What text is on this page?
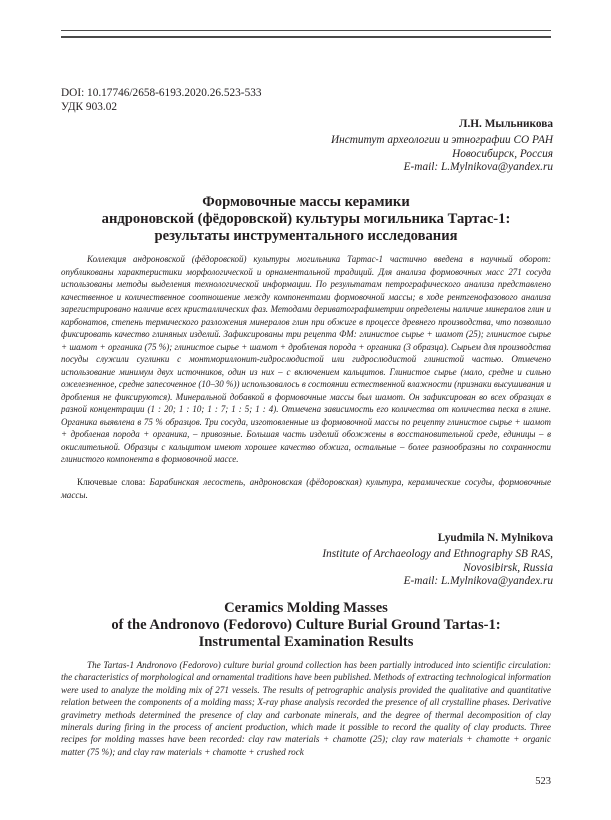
DOI: 10.17746/2658-6193.2020.26.523-533
УДК 903.02
Л.Н. Мыльникова
Институт археологии и этнографии СО РАН
Новосибирск, Россия
E-mail: L.Mylnikova@yandex.ru
Формовочные массы керамики
андроновской (фёдоровской) культуры могильника Тартас-1:
результаты инструментального исследования
Коллекция андроновской (фёдоровской) культуры могильника Тартас-1 частично введена в научный оборот: опубликованы характеристики морфологической и орнаментальной традиций. Для анализа формовочных масс 271 сосуда использованы методы выделения технологической информации. По результатам петрографического анализа представлено качественное и количественное соотношение между компонентами формовочной массы; в ходе рентгенофазового анализа зарегистрировано наличие всех кристаллических фаз. Методами дериватографиметрии определены наличие минералов глин и карбонатов, степень термического разложения минералов глин при обжиге в процессе древнего производства, что позволило фиксировать качество глиняных изделий. Зафиксированы три рецепта ФМ: глинистое сырье + шамот (25); глинистое сырье + шамот + органика (75 %); глинистое сырье + шамот + дробленая порода + органика (3 образца). Сырьем для производства посуды служили суглинки с монтмориллонит-гидрослюдистой или гидрослюдистой глинистой частью. Отмечено использование минимум двух источников, один из них – с включением кальцитов. Глинистое сырье (мало, средне и сильно ожелезненное, средне запесоченное (10–30 %)) использовалось в состоянии естественной влажности (признаки высушивания и дробления не фиксируются). Минеральной добавкой в формовочные массы был шамот. Он зафиксирован во всех образцах в разной концентрации (1 : 20; 1 : 10; 1 : 7; 1 : 5; 1 : 4). Отмечена зависимость его количества от количества песка в глине. Органика выявлена в 75 % образцов. Три сосуда, изготовленные из формовочной массы по рецепту глинистое сырье + шамот + дробленая порода + органика, – привозные. Большая часть изделий обожжены в восстановительной среде, единицы – в окислительной. Образцы с кальцитом имеют хорошее качество обжига, остальные – более разнообразны по сохранности глинистого компонента в формовочной массе.
Ключевые слова: Барабинская лесостепь, андроновская (фёдоровская) культура, керамические сосуды, формовочные массы.
Lyudmila N. Mylnikova
Institute of Archaeology and Ethnography SB RAS,
Novosibirsk, Russia
E-mail: L.Mylnikova@yandex.ru
Ceramics Molding Masses
of the Andronovo (Fedorovo) Culture Burial Ground Tartas-1:
Instrumental Examination Results
The Tartas-1 Andronovo (Fedorovo) culture burial ground collection has been partially introduced into scientific circulation: the characteristics of morphological and ornamental traditions have been published. Methods of extracting technological information were used to analyze the molding mix of 271 vessels. The results of petrographic analysis provided the qualitative and quantitative relation between the components of a molding mass; X-ray phase analysis recorded the presence of all crystalline phases. Derivative gravimetry methods determined the presence of clay and carbonate minerals, and the degree of thermal decomposition of clay minerals during firing in the process of ancient production, which made it possible to record the quality of clay products. Three recipes for molding masses have been recorded: clay raw materials + chamotte (25); clay raw materials + chamotte + organic matter (75 %); and clay raw materials + chamotte + crushed rock
523
